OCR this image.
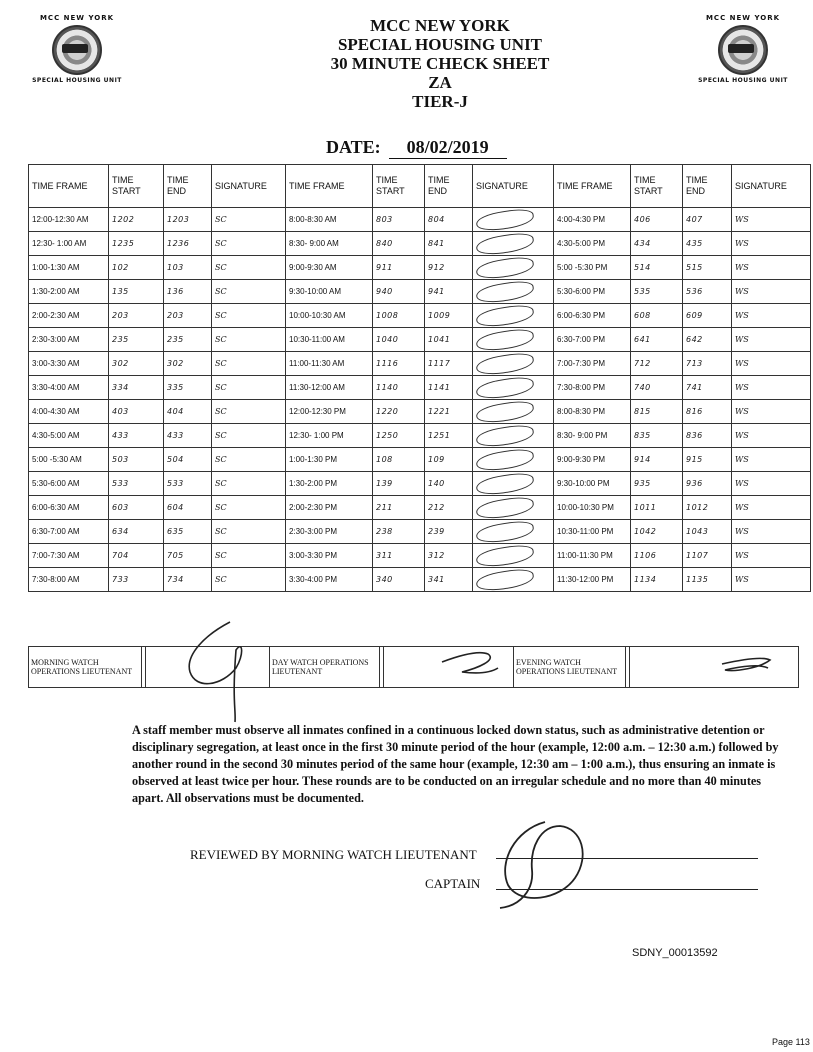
MCC NEW YORK
SPECIAL HOUSING UNIT
MCC NEW YORK
SPECIAL HOUSING UNIT
MCC NEW YORK
SPECIAL HOUSING UNIT
30 MINUTE CHECK SHEET
ZA
TIER-J
DATE: 08/02/2019
TIME FRAME	TIME START	TIME END	SIGNATURE	TIME FRAME	TIME START	TIME END	SIGNATURE	TIME FRAME	TIME START	TIME END	SIGNATURE
12:00-12:30 AM	1202	1203	SC	8:00-8:30 AM	803	804		4:00-4:30 PM	406	407	WS
12:30- 1:00 AM	1235	1236	SC	8:30- 9:00 AM	840	841		4:30-5:00 PM	434	435	WS
1:00-1:30 AM	102	103	SC	9:00-9:30 AM	911	912		5:00 -5:30 PM	514	515	WS
1:30-2:00 AM	135	136	SC	9:30-10:00 AM	940	941		5:30-6:00 PM	535	536	WS
2:00-2:30 AM	203	203	SC	10:00-10:30 AM	1008	1009		6:00-6:30 PM	608	609	WS
2:30-3:00 AM	235	235	SC	10:30-11:00 AM	1040	1041		6:30-7:00 PM	641	642	WS
3:00-3:30 AM	302	302	SC	11:00-11:30 AM	1116	1117		7:00-7:30 PM	712	713	WS
3:30-4:00 AM	334	335	SC	11:30-12:00 AM	1140	1141		7:30-8:00 PM	740	741	WS
4:00-4:30 AM	403	404	SC	12:00-12:30 PM	1220	1221		8:00-8:30 PM	815	816	WS
4:30-5:00 AM	433	433	SC	12:30- 1:00 PM	1250	1251		8:30- 9:00 PM	835	836	WS
5:00 -5:30 AM	503	504	SC	1:00-1:30 PM	108	109		9:00-9:30 PM	914	915	WS
5:30-6:00 AM	533	533	SC	1:30-2:00 PM	139	140		9:30-10:00 PM	935	936	WS
6:00-6:30 AM	603	604	SC	2:00-2:30 PM	211	212		10:00-10:30 PM	1011	1012	WS
6:30-7:00 AM	634	635	SC	2:30-3:00 PM	238	239		10:30-11:00 PM	1042	1043	WS
7:00-7:30 AM	704	705	SC	3:00-3:30 PM	311	312		11:00-11:30 PM	1106	1107	WS
7:30-8:00 AM	733	734	SC	3:30-4:00 PM	340	341		11:30-12:00 PM	1134	1135	WS
MORNING WATCH OPERATIONS LIEUTENANT			DAY WATCH OPERATIONS LIEUTENANT			EVENING WATCH OPERATIONS LIEUTENANT		
A staff member must observe all inmates confined in a continuous locked down status, such as administrative detention or disciplinary segregation, at least once in the first 30 minute period of the hour (example, 12:00 a.m. – 12:30 a.m.) followed by another round in the second 30 minutes period of the same hour (example, 12:30 am – 1:00 a.m.), thus ensuring an inmate is observed at least twice per hour. These rounds are to be conducted on an irregular schedule and no more than 40 minutes apart. All observations must be documented.
REVIEWED BY MORNING WATCH LIEUTENANT
CAPTAIN
SDNY_00013592
Page 113
